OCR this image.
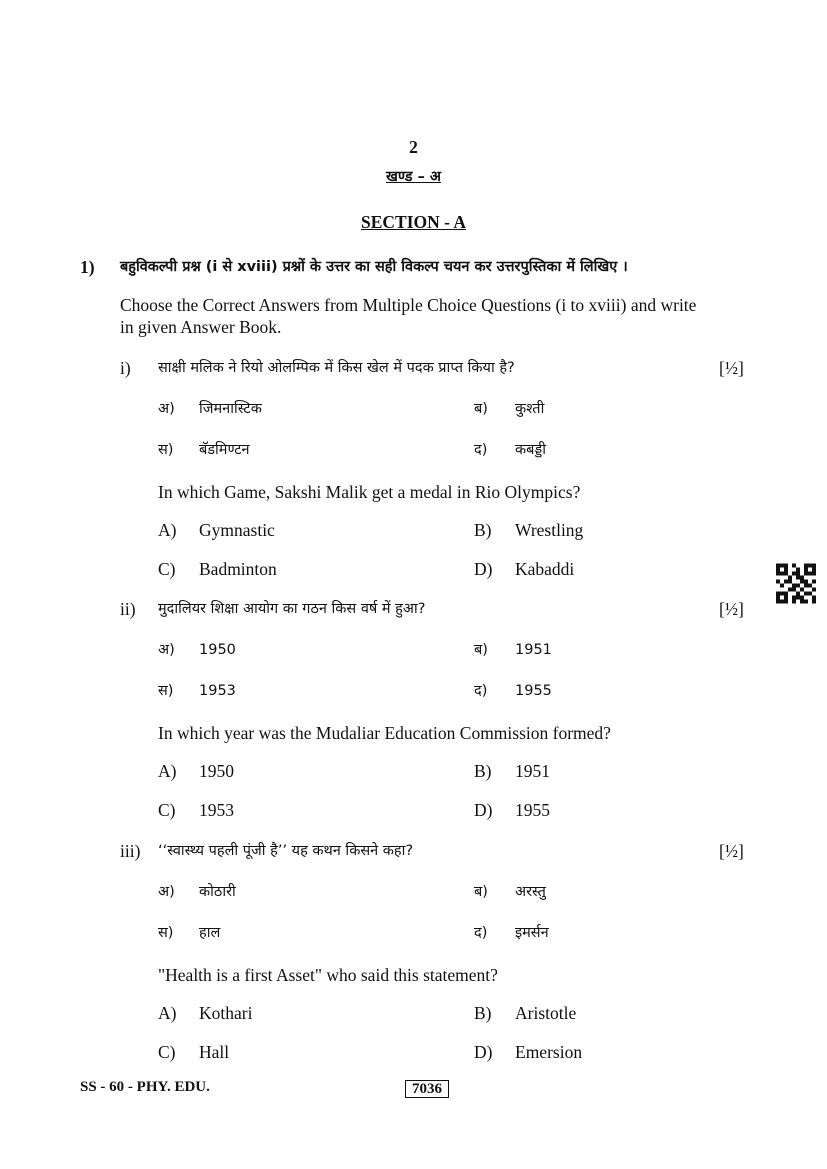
2
खण्ड – अ
SECTION - A
1) बहुविकल्पी प्रश्न (i से xviii) प्रश्नों के उत्तर का सही विकल्प चयन कर उत्तरपुस्तिका में लिखिए ।
Choose the Correct Answers from Multiple Choice Questions (i to xviii) and write
in given Answer Book.
i) साक्षी मलिक ने रियो ओलम्पिक में किस खेल में पदक प्राप्त किया है?	[½]
अ) जिमनास्टिक	ब) कुश्ती
स) बॅडमिण्टन	द) कबड्डी
In which Game, Sakshi Malik get a medal in Rio Olympics?
A) Gymnastic	B) Wrestling
C) Badminton	D) Kabaddi
ii) मुदालियर शिक्षा आयोग का गठन किस वर्ष में हुआ?	[½]
अ) 1950	ब) 1951
स) 1953	द) 1955
In which year was the Mudaliar Education Commission formed?
A) 1950	B) 1951
C) 1953	D) 1955
iii) ‘‘स्वास्थ्य पहली पूंजी है’’ यह कथन किसने कहा?	[½]
अ) कोठारी	ब) अरस्तु
स) हाल	द) इमर्सन
"Health is a first Asset" who said this statement?
A) Kothari	B) Aristotle
C) Hall	D) Emersion
SS - 60 - PHY. EDU.	7036
